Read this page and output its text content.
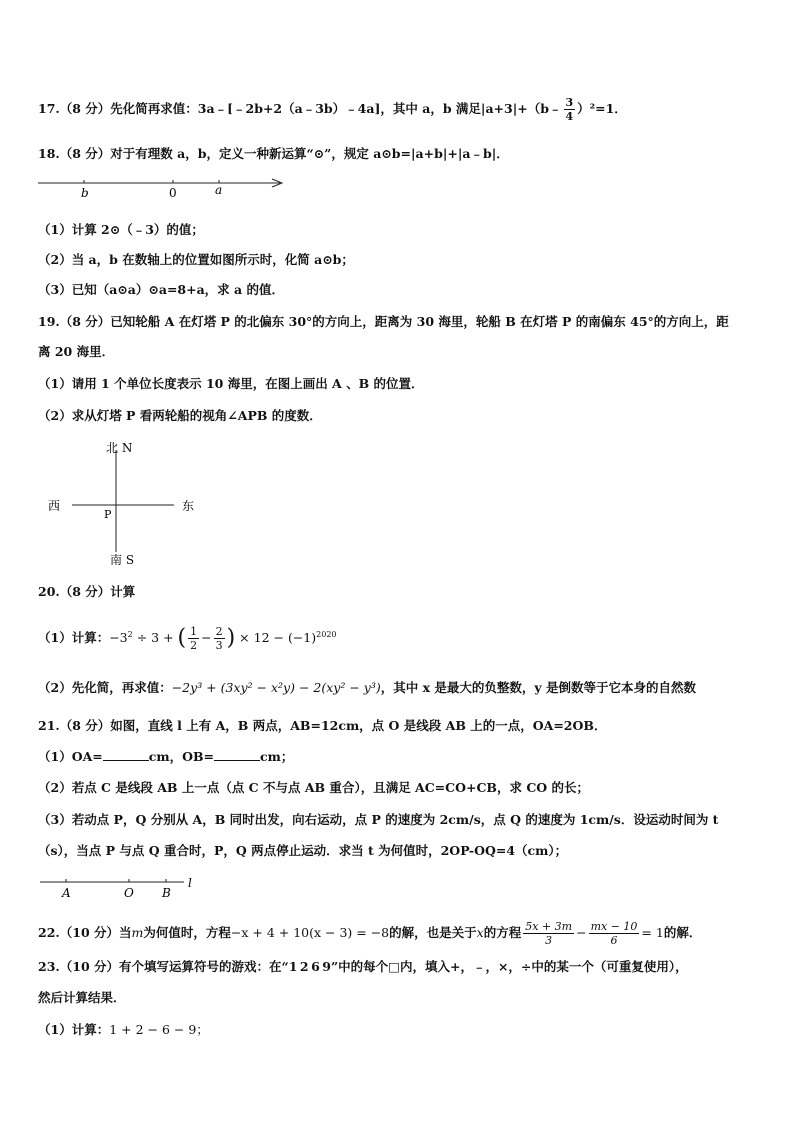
17.（8 分）先化简再求值：3a﹣[﹣2b+2（a﹣3b）﹣4a]，其中 a，b 满足|a+3|+（b﹣ $\frac{3}{4} )^2=1$．
18.（8 分）对于有理数 a，b，定义一种新运算“⊙”，规定 a⊙b=|a+b|+|a﹣b|．
b	0	a
（1）计算 2⊙（﹣3）的值；
（2）当 a，b 在数轴上的位置如图所示时，化简 a⊙b；
（3）已知（a⊙a）⊙a=8+a，求 a 的值．
19.（8 分）已知轮船 A 在灯塔 P 的北偏东 30°的方向上，距离为 30 海里，轮船 B 在灯塔 P 的南偏东 45°的方向上，距
离 20 海里．
（1）请用 1 个单位长度表示 10 海里，在图上画出 A 、B 的位置．
（2）求从灯塔 P 看两轮船的视角∠APB 的度数．
北 N
南 S
西	东
P
20.（8 分）计算
（1）计算：$-3^2 \div 3$ + ( $\frac{1}{2} - \frac{2}{3}$ ) × $12 - (-1)^{2020}$
（2）先化简，再求值：−2y³ + (3xy² − x²y) − 2(xy² − y³)，其中 x 是最大的负整数，y 是倒数等于它本身的自然数
21.（8 分）如图，直线 l 上有 A，B 两点，AB=12cm，点 O 是线段 AB 上的一点，OA=2OB．
（1）OA=	cm，OB=	cm；
（2）若点 C 是线段 AB 上一点（点 C 不与点 AB 重合），且满足 AC=CO+CB，求 CO 的长；
（3）若动点 P，Q 分别从 A，B 同时出发，向右运动，点 P 的速度为 2cm/s，点 Q 的速度为 1cm/s．设运动时间为 t
（s），当点 P 与点 Q 重合时，P，Q 两点停止运动．求当 t 为何值时，2OP-OQ=4（cm）；
A	O B
l
22.（10 分）当m为何值时，方程−x + 4 + 10(x − 3) = −8的解，也是关于x的方程 $\frac{5x + 3m}{3} - \frac{mx - 10}{6} = 1$的解．
23.（10 分）有个填写运算符号的游戏：在“1 2 6 9”中的每个□内，填入+，﹣，×，÷中的某一个（可重复使用），
然后计算结果．
（1）计算：1 + 2 − 6 − 9；
